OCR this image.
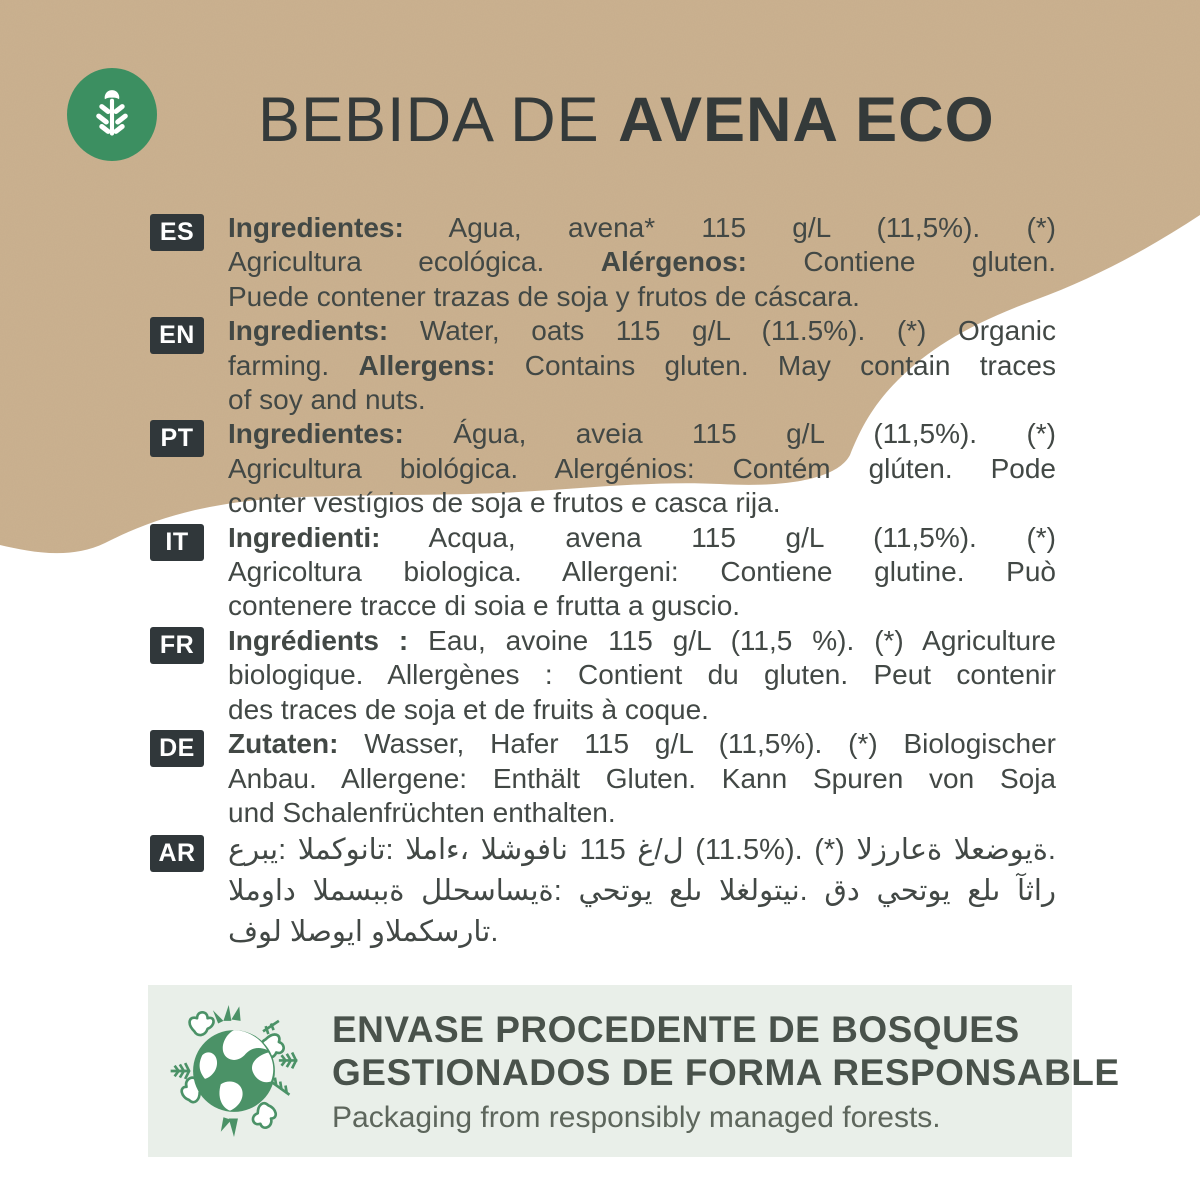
BEBIDA DE AVENA ECO
ES	Ingredientes: Agua, avena* 115 g/L (11,5%). (*)
Agricultura ecológica. Alérgenos: Contiene gluten.
Puede contener trazas de soja y frutos de cáscara.
EN	Ingredients: Water, oats 115 g/L (11.5%). (*) Organic
farming. Allergens: Contains gluten. May contain traces
of soy and nuts.
PT	Ingredientes: Água, aveia 115 g/L (11,5%). (*)
Agricultura biológica. Alergénios: Contém glúten. Pode
conter vestígios de soja e frutos e casca rija.
IT	Ingredienti: Acqua, avena 115 g/L (11,5%). (*)
Agricoltura biologica. Allergeni: Contiene glutine. Può
contenere tracce di soia e frutta a guscio.
FR	Ingrédients : Eau, avoine 115 g/L (11,5 %). (*) Agriculture
biologique. Allergènes : Contient du gluten. Peut contenir
des traces de soja et de fruits à coque.
DE	Zutaten: Wasser, Hafer 115 g/L (11,5%). (*) Biologischer
Anbau. Allergene: Enthält Gluten. Kann Spuren von Soja
und Schalenfrüchten enthalten.
AR عربي: المكونات: الماء، الشوفان 115 غ/ل (11.5%). (*) الزراعة العضوية.
المواد المسببة للحساسية: يحتوي على الغلوتين. قد يحتوي على آثار
فول الصويا والمكسرات.
ENVASE PROCEDENTE DE BOSQUES
GESTIONADOS DE FORMA RESPONSABLE
Packaging from responsibly managed forests.
